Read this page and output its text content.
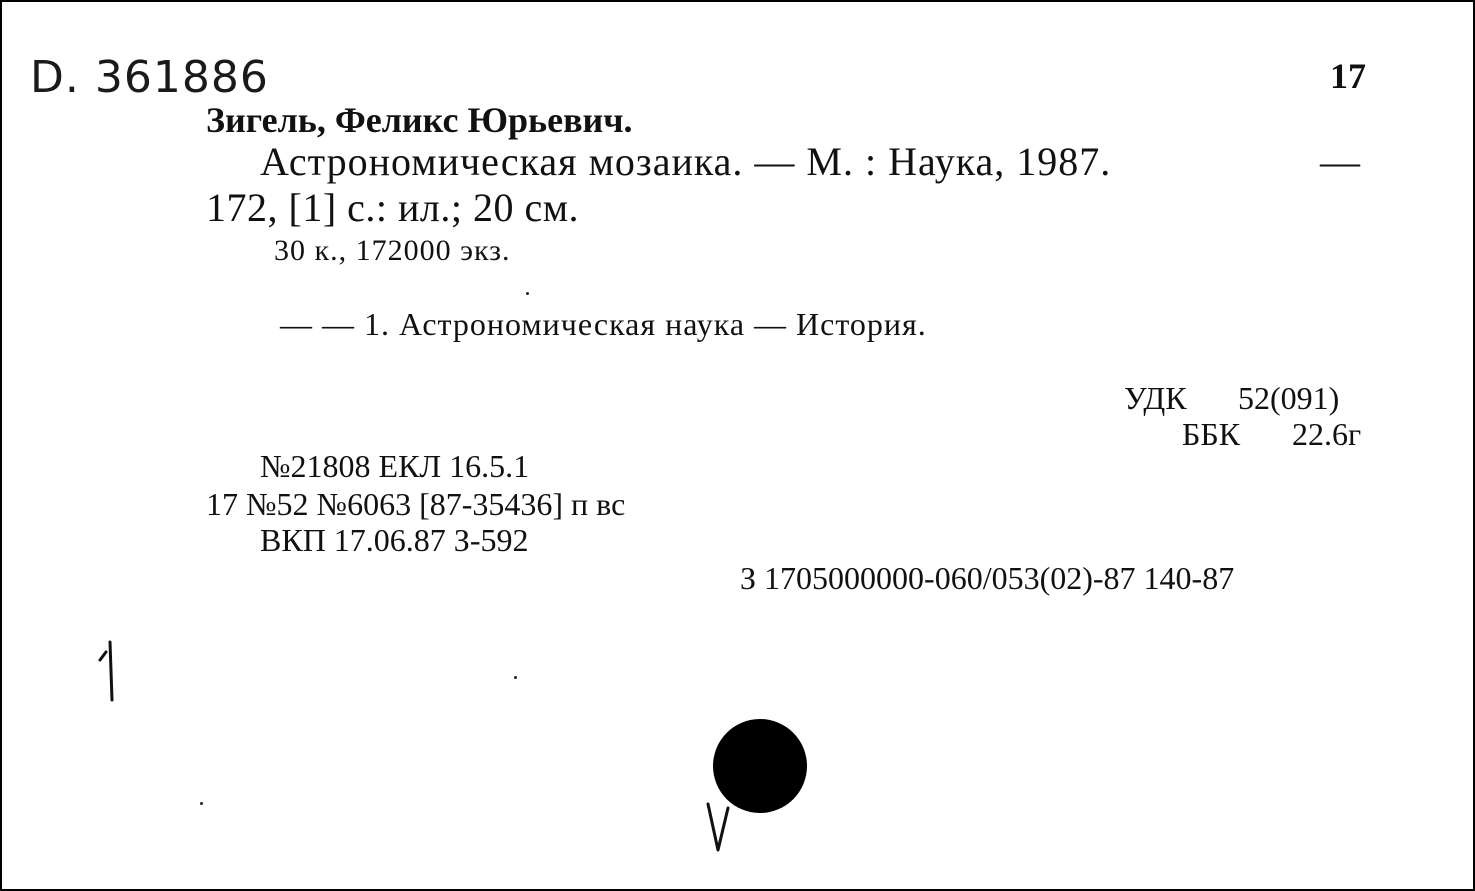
D. 361886	17
Зигель, Феликс Юрьевич.
Астрономическая мозаика. — М. : Наука, 1987.	—
172, [1] с.: ил.; 20 см.
30 к., 172000 экз.
— — 1. Астрономическая наука — История.
УДК 52(091)
ББК 22.6г
№21808 ЕКЛ 16.5.1
17 №52 №6063 [87-35436] п вс
ВКП 17.06.87 З-592
З 1705000000-060/053(02)-87 140-87
